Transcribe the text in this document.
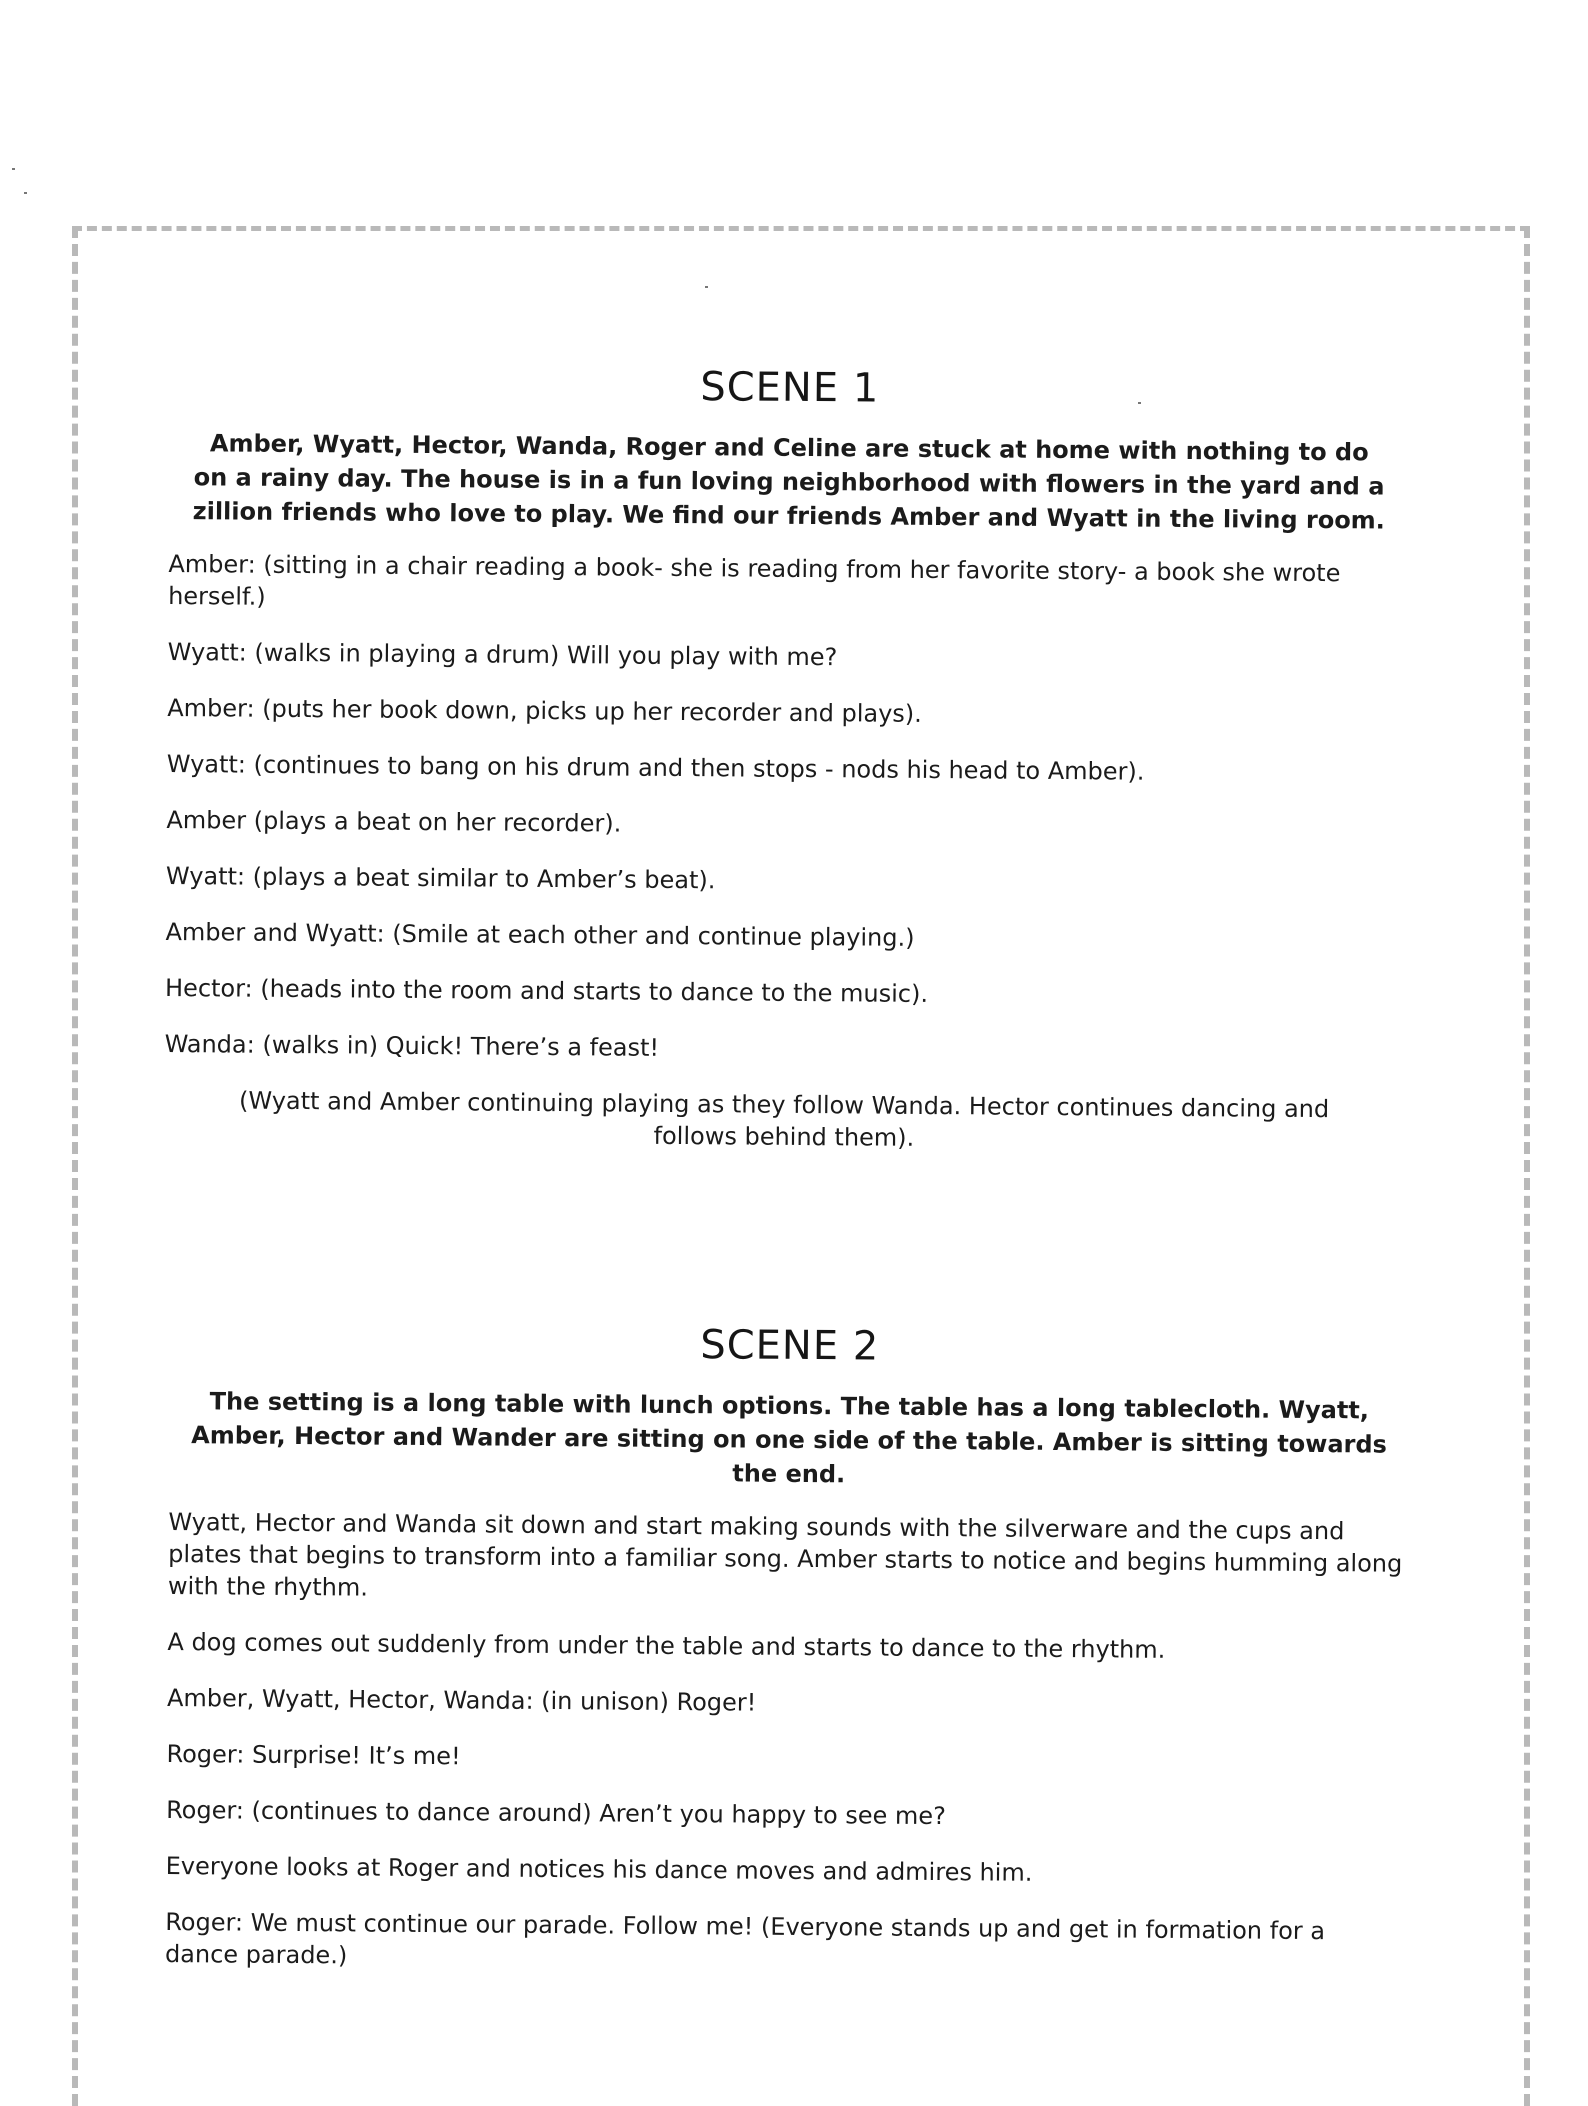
SCENE 1

Amber, Wyatt, Hector, Wanda, Roger and Celine are stuck at home with nothing to do on a rainy day. The house is in a fun loving neighborhood with flowers in the yard and a zillion friends who love to play. We find our friends Amber and Wyatt in the living room.

Amber: (sitting in a chair reading a book- she is reading from her favorite story- a book she wrote herself.)

Wyatt: (walks in playing a drum) Will you play with me?

Amber: (puts her book down, picks up her recorder and plays).

Wyatt: (continues to bang on his drum and then stops - nods his head to Amber).

Amber (plays a beat on her recorder).

Wyatt: (plays a beat similar to Amber’s beat).

Amber and Wyatt: (Smile at each other and continue playing.)

Hector: (heads into the room and starts to dance to the music).

Wanda: (walks in) Quick! There’s a feast!

(Wyatt and Amber continuing playing as they follow Wanda. Hector continues dancing and follows behind them).

SCENE 2

The setting is a long table with lunch options. The table has a long tablecloth. Wyatt, Amber, Hector and Wander are sitting on one side of the table. Amber is sitting towards the end.

Wyatt, Hector and Wanda sit down and start making sounds with the silverware and the cups and plates that begins to transform into a familiar song. Amber starts to notice and begins humming along with the rhythm.

A dog comes out suddenly from under the table and starts to dance to the rhythm.

Amber, Wyatt, Hector, Wanda: (in unison) Roger!

Roger: Surprise! It’s me!

Roger: (continues to dance around) Aren’t you happy to see me?

Everyone looks at Roger and notices his dance moves and admires him.

Roger: We must continue our parade. Follow me! (Everyone stands up and get in formation for a dance parade.)
